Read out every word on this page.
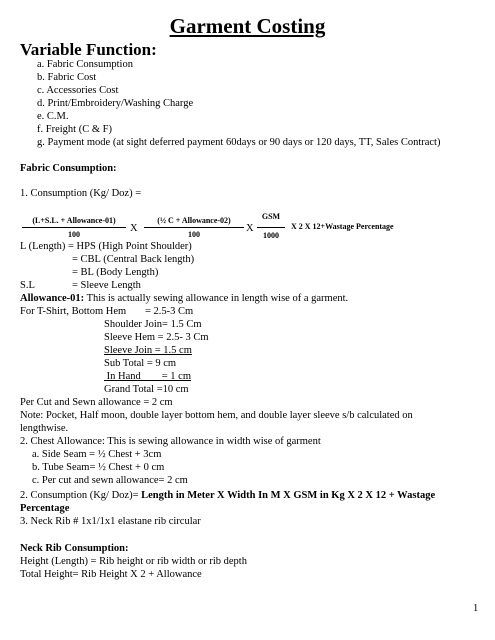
Garment Costing
Variable Function:
a. Fabric Consumption
b. Fabric Cost
c. Accessories Cost
d. Print/Embroidery/Washing Charge
e. C.M.
f. Freight (C & F)
g. Payment mode (at sight deferred payment 60days or 90 days or 120 days, TT, Sales Contract)
Fabric Consumption:
1. Consumption (Kg/ Doz) =
(L+S.L. + Allowance-01)
100
X
(½ C + Allowance-02)
100
X
GSM
1000
X 2 X 12+Wastage Percentage
L (Length) = HPS (High Point Shoulder)
= CBL (Central Back length)
= BL (Body Length)
S.L	= Sleeve Length
Allowance-01: This is actually sewing allowance in length wise of a garment.
For T-Shirt, Bottom Hem = 2.5-3 Cm
Shoulder Join= 1.5 Cm
Sleeve Hem = 2.5- 3 Cm
Sleeve Join = 1.5 cm
Sub Total = 9 cm
In Hand        = 1 cm
Grand Total =10 cm
Per Cut and Sewn allowance = 2 cm
Note: Pocket, Half moon, double layer bottom hem, and double layer sleeve s/b calculated on
lengthwise.
2. Chest Allowance: This is sewing allowance in width wise of garment
a. Side Seam = ½ Chest + 3cm
b. Tube Seam= ½ Chest + 0 cm
c. Per cut and sewn allowance= 2 cm
2. Consumption (Kg/ Doz)= Length in Meter X Width In M X GSM in Kg X 2 X 12 + Wastage
Percentage
3. Neck Rib # 1x1/1x1 elastane rib circular
Neck Rib Consumption:
Height (Length) = Rib height or rib width or rib depth
Total Height= Rib Height X 2 + Allowance
1
